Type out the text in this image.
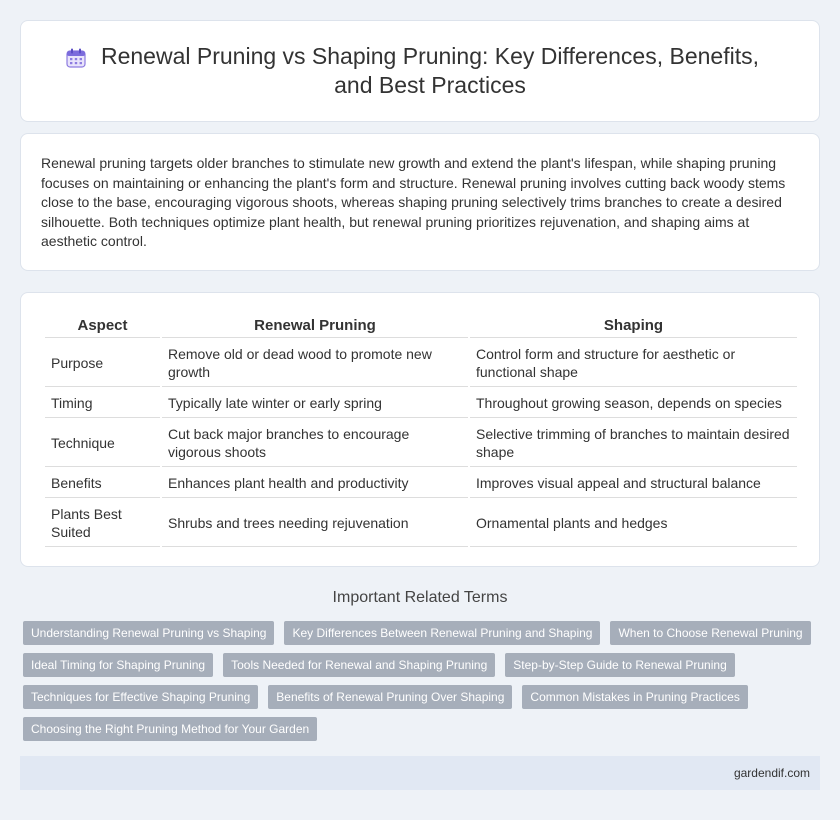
Renewal Pruning vs Shaping Pruning: Key Differences, Benefits, and Best Practices

Renewal pruning targets older branches to stimulate new growth and extend the plant's lifespan, while shaping pruning focuses on maintaining or enhancing the plant's form and structure. Renewal pruning involves cutting back woody stems close to the base, encouraging vigorous shoots, whereas shaping pruning selectively trims branches to create a desired silhouette. Both techniques optimize plant health, but renewal pruning prioritizes rejuvenation, and shaping aims at aesthetic control.

Aspect	Renewal Pruning	Shaping
Purpose	Remove old or dead wood to promote new growth	Control form and structure for aesthetic or functional shape
Timing	Typically late winter or early spring	Throughout growing season, depends on species
Technique	Cut back major branches to encourage vigorous shoots	Selective trimming of branches to maintain desired shape
Benefits	Enhances plant health and productivity	Improves visual appeal and structural balance
Plants Best Suited	Shrubs and trees needing rejuvenation	Ornamental plants and hedges
Important Related Terms
Understanding Renewal Pruning vs Shaping	Key Differences Between Renewal Pruning and Shaping	When to Choose Renewal Pruning
Ideal Timing for Shaping Pruning	Tools Needed for Renewal and Shaping Pruning	Step-by-Step Guide to Renewal Pruning
Techniques for Effective Shaping Pruning	Benefits of Renewal Pruning Over Shaping	Common Mistakes in Pruning Practices
Choosing the Right Pruning Method for Your Garden
gardendif.com
